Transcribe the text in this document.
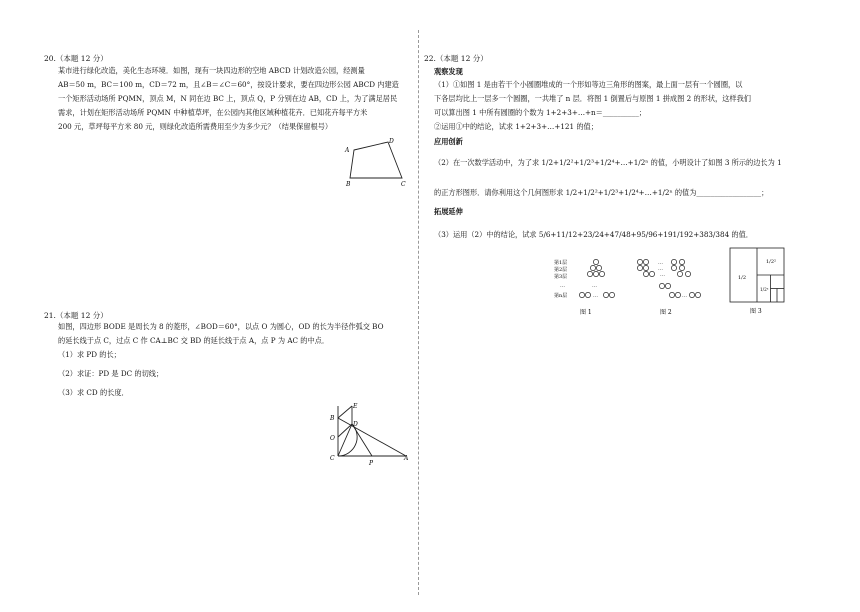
20.（本题 12 分）
某市进行绿化改造，美化生态环境．如图，现有一块四边形的空地 ABCD 计划改造公园，经测量
AB＝50 m，BC＝100 m，CD＝72 m，且∠B＝∠C＝60°，按设计要求，要在四边形公园 ABCD 内建造
一个矩形活动场所 PQMN，顶点 M，N 同在边 BC 上，顶点 Q，P 分别在边 AB，CD 上，为了满足居民
需求，计划在矩形活动场所 PQMN 中种植草坪，在公园内其他区域种植花卉．已知花卉每平方米
200 元，草坪每平方米 80 元，则绿化改造所需费用至少为多少元？（结果保留根号）
A
D
B	C
21.（本题 12 分）
如图，四边形 BODE 是周长为 8 的菱形，∠BOD＝60°，以点 O 为圆心，OD 的长为半径作弧交 BO
的延长线于点 C，过点 C 作 CA⊥BC 交 BD 的延长线于点 A，点 P 为 AC 的中点．
（1）求 PD 的长；
（2）求证：PD 是 DC 的切线；
（3）求 CD 的长度．
B
E
O
D
C
P
A
22.（本题 12 分）
观察发现
（1）①如图 1 是由若干个小圆圈堆成的一个形如等边三角形的图案，最上面一层有一个圆圈，以
下各层均比上一层多一个圆圈，一共堆了 n 层．将图 1 倒置后与原图 1 拼成图 2 的形状，这样我们
可以算出图 1 中所有圆圈的个数为 1+2+3+…+n＝__________；
②运用①中的结论，试求 1+2+3+…+121 的值；
应用创新
（2）在一次数学活动中，为了求 1/2+1/2²+1/2³+1/2⁴+…+1/2ⁿ 的值，小明设计了如图 3 所示的边长为 1
的正方形图形．请你利用这个几何图形求 1/2+1/2²+1/2³+1/2⁴+…+1/2ⁿ 的值为__________________；
拓展延伸
（3）运用（2）中的结论，试求 5/6+11/12+23/24+47/48+95/96+191/192+383/384 的值．
第1层
第2层
第3层
…
第n层
…
…
图 1
…
…
…
…
图 2
1/2
1/2²
1/2³
图 3
